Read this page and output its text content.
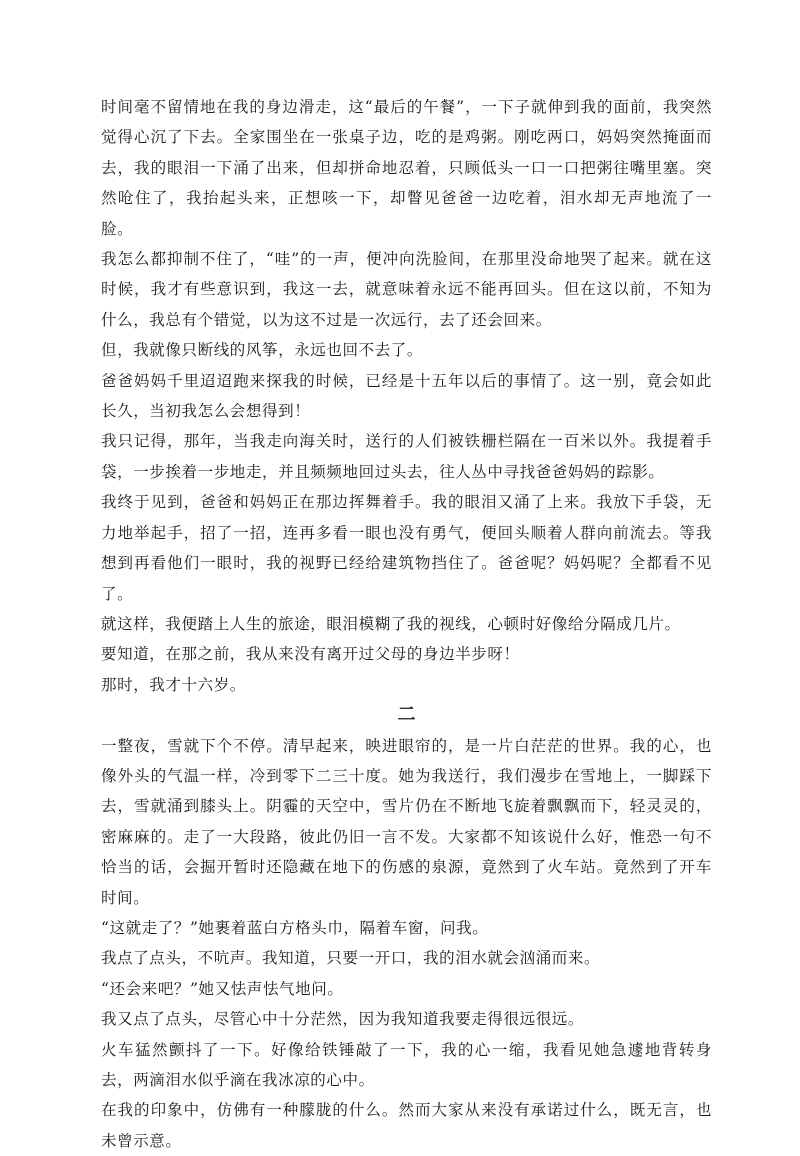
时间毫不留情地在我的身边滑走，这“最后的午餐”，一下子就伸到我的面前，我突然觉得心沉了下去。全家围坐在一张桌子边，吃的是鸡粥。刚吃两口，妈妈突然掩面而去，我的眼泪一下涌了出来，但却拼命地忍着，只顾低头一口一口把粥往嘴里塞。突然呛住了，我抬起头来，正想咳一下，却瞥见爸爸一边吃着，泪水却无声地流了一脸。

我怎么都抑制不住了，“哇”的一声，便冲向洗脸间，在那里没命地哭了起来。就在这时候，我才有些意识到，我这一去，就意味着永远不能再回头。但在这以前，不知为什么，我总有个错觉，以为这不过是一次远行，去了还会回来。

但，我就像只断线的风筝，永远也回不去了。

爸爸妈妈千里迢迢跑来探我的时候，已经是十五年以后的事情了。这一别，竟会如此长久，当初我怎么会想得到！

我只记得，那年，当我走向海关时，送行的人们被铁栅栏隔在一百米以外。我提着手袋，一步挨着一步地走，并且频频地回过头去，往人丛中寻找爸爸妈妈的踪影。

我终于见到，爸爸和妈妈正在那边挥舞着手。我的眼泪又涌了上来。我放下手袋，无力地举起手，招了一招，连再多看一眼也没有勇气，便回头顺着人群向前流去。等我想到再看他们一眼时，我的视野已经给建筑物挡住了。爸爸呢？妈妈呢？全都看不见了。

就这样，我便踏上人生的旅途，眼泪模糊了我的视线，心顿时好像给分隔成几片。

要知道，在那之前，我从来没有离开过父母的身边半步呀！

那时，我才十六岁。

二

一整夜，雪就下个不停。清早起来，映进眼帘的，是一片白茫茫的世界。我的心，也像外头的气温一样，冷到零下二三十度。她为我送行，我们漫步在雪地上，一脚踩下去，雪就涌到膝头上。阴霾的天空中，雪片仍在不断地飞旋着飘飘而下，轻灵灵的，密麻麻的。走了一大段路，彼此仍旧一言不发。大家都不知该说什么好，惟恐一句不恰当的话，会掘开暂时还隐藏在地下的伤感的泉源，竟然到了火车站。竟然到了开车时间。

“这就走了？”她裹着蓝白方格头巾，隔着车窗，问我。

我点了点头，不吭声。我知道，只要一开口，我的泪水就会汹涌而来。

“还会来吧？”她又怯声怯气地问。

我又点了点头，尽管心中十分茫然，因为我知道我要走得很远很远。

火车猛然颤抖了一下。好像给铁锤敲了一下，我的心一缩，我看见她急遽地背转身去，两滴泪水似乎滴在我冰凉的心中。

在我的印象中，仿佛有一种朦胧的什么。然而大家从来没有承诺过什么，既无言，也未曾示意。
